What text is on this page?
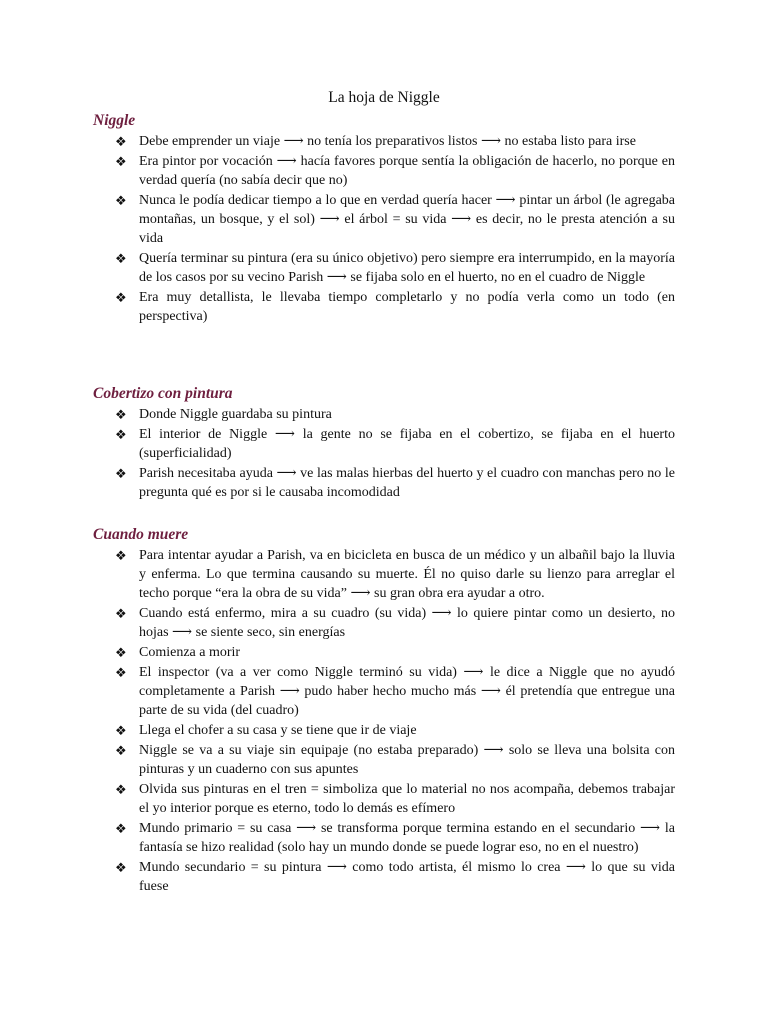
La hoja de Niggle
Niggle
❖ Debe emprender un viaje ⟶ no tenía los preparativos listos ⟶ no estaba listo para irse
❖ Era pintor por vocación ⟶ hacía favores porque sentía la obligación de hacerlo, no porque en verdad quería (no sabía decir que no)
❖ Nunca le podía dedicar tiempo a lo que en verdad quería hacer ⟶ pintar un árbol (le agregaba montañas, un bosque, y el sol) ⟶ el árbol = su vida ⟶ es decir, no le presta atención a su vida
❖ Quería terminar su pintura (era su único objetivo) pero siempre era interrumpido, en la mayoría de los casos por su vecino Parish ⟶ se fijaba solo en el huerto, no en el cuadro de Niggle
❖ Era muy detallista, le llevaba tiempo completarlo y no podía verla como un todo (en perspectiva)
Cobertizo con pintura
❖ Donde Niggle guardaba su pintura
❖ El interior de Niggle ⟶ la gente no se fijaba en el cobertizo, se fijaba en el huerto (superficialidad)
❖ Parish necesitaba ayuda ⟶ ve las malas hierbas del huerto y el cuadro con manchas pero no le pregunta qué es por si le causaba incomodidad
Cuando muere
❖ Para intentar ayudar a Parish, va en bicicleta en busca de un médico y un albañil bajo la lluvia y enferma. Lo que termina causando su muerte. Él no quiso darle su lienzo para arreglar el techo porque “era la obra de su vida” ⟶ su gran obra era ayudar a otro.
❖ Cuando está enfermo, mira a su cuadro (su vida) ⟶ lo quiere pintar como un desierto, no hojas ⟶ se siente seco, sin energías
❖ Comienza a morir
❖ El inspector (va a ver como Niggle terminó su vida) ⟶ le dice a Niggle que no ayudó completamente a Parish ⟶ pudo haber hecho mucho más ⟶ él pretendía que entregue una parte de su vida (del cuadro)
❖ Llega el chofer a su casa y se tiene que ir de viaje
❖ Niggle se va a su viaje sin equipaje (no estaba preparado) ⟶ solo se lleva una bolsita con pinturas y un cuaderno con sus apuntes
❖ Olvida sus pinturas en el tren = simboliza que lo material no nos acompaña, debemos trabajar el yo interior porque es eterno, todo lo demás es efímero
❖ Mundo primario = su casa ⟶ se transforma porque termina estando en el secundario ⟶ la fantasía se hizo realidad (solo hay un mundo donde se puede lograr eso, no en el nuestro)
❖ Mundo secundario = su pintura ⟶ como todo artista, él mismo lo crea ⟶ lo que su vida fuese
